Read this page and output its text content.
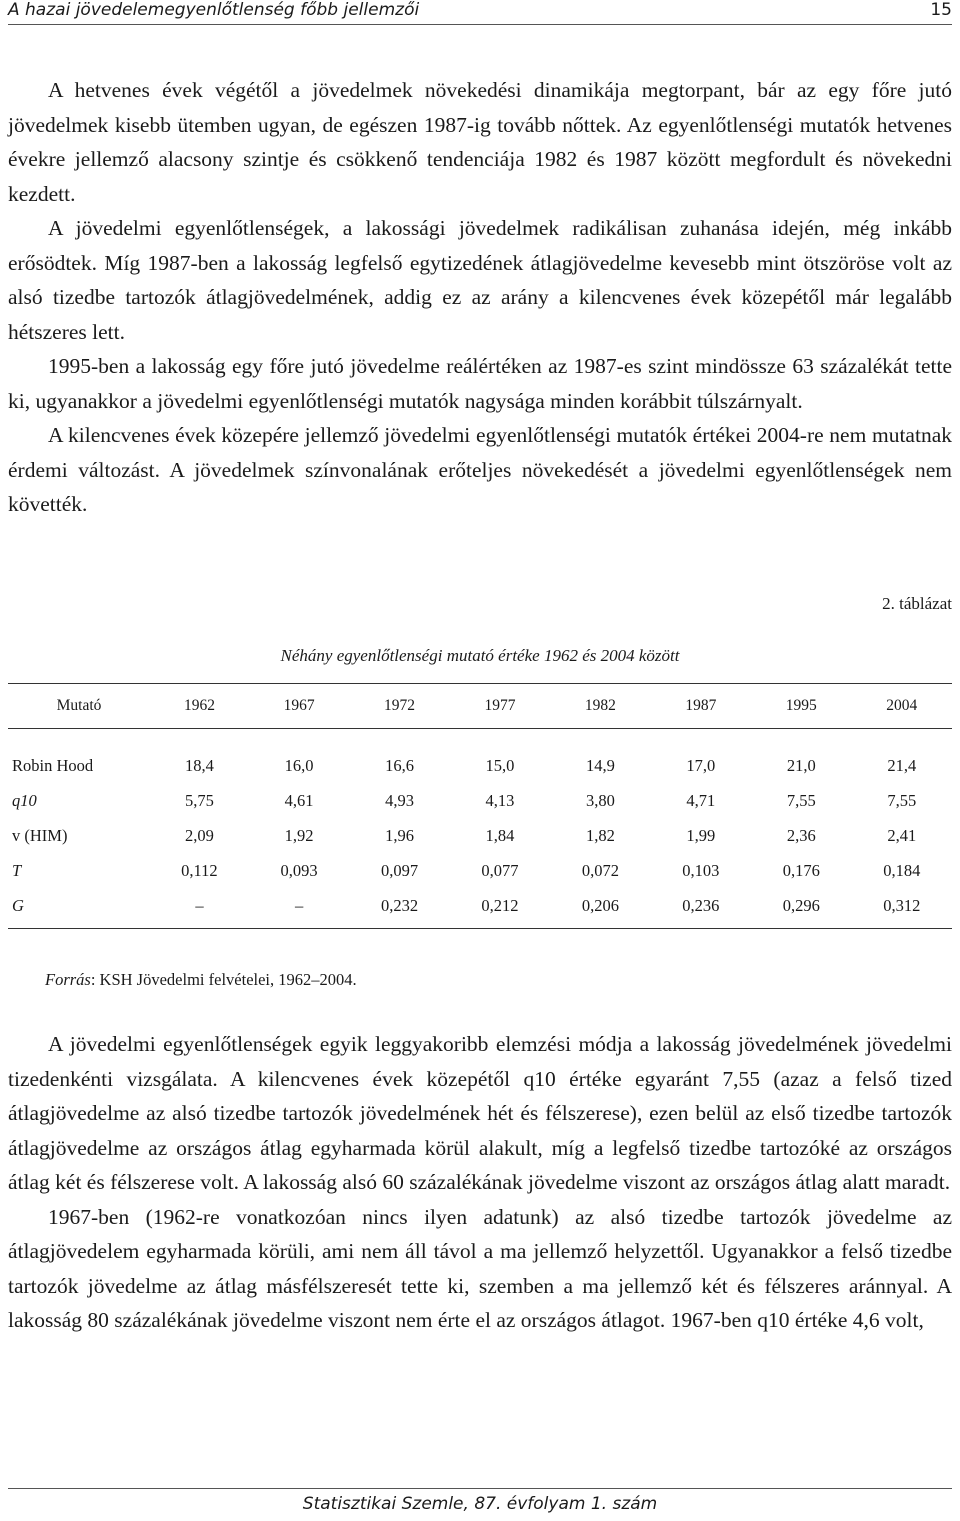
A hazai jövedelemegyenlőtlenség főbb jellemzői	15

A hetvenes évek végétől a jövedelmek növekedési dinamikája megtorpant, bár az egy főre jutó jövedelmek kisebb ütemben ugyan, de egészen 1987-ig tovább nőttek. Az egyenlőtlenségi mutatók hetvenes évekre jellemző alacsony szintje és csökkenő tendenciája 1982 és 1987 között megfordult és növekedni kezdett.

A jövedelmi egyenlőtlenségek, a lakossági jövedelmek radikálisan zuhanása idején, még inkább erősödtek. Míg 1987-ben a lakosság legfelső egytizedének átlagjövedelme kevesebb mint ötszöröse volt az alsó tizedbe tartozók átlagjövedelmének, addig ez az arány a kilencvenes évek közepétől már legalább hétszeres lett.

1995-ben a lakosság egy főre jutó jövedelme reálértéken az 1987-es szint mindössze 63 százalékát tette ki, ugyanakkor a jövedelmi egyenlőtlenségi mutatók nagysága minden korábbit túlszárnyalt.

A kilencvenes évek közepére jellemző jövedelmi egyenlőtlenségi mutatók értékei 2004-re nem mutatnak érdemi változást. A jövedelmek színvonalának erőteljes növekedését a jövedelmi egyenlőtlenségek nem követték.

2. táblázat
Néhány egyenlőtlenségi mutató értéke 1962 és 2004 között
Mutató	1962	1967	1972	1977	1982	1987	1995	2004
Robin Hood	18,4	16,0	16,6	15,0	14,9	17,0	21,0	21,4
q10	5,75	4,61	4,93	4,13	3,80	4,71	7,55	7,55
v (HIM)	2,09	1,92	1,96	1,84	1,82	1,99	2,36	2,41
T	0,112	0,093	0,097	0,077	0,072	0,103	0,176	0,184
G	–	–	0,232	0,212	0,206	0,236	0,296	0,312
Forrás: KSH Jövedelmi felvételei, 1962–2004.

A jövedelmi egyenlőtlenségek egyik leggyakoribb elemzési módja a lakosság jövedelmének jövedelmi tizedenkénti vizsgálata. A kilencvenes évek közepétől q10 értéke egyaránt 7,55 (azaz a felső tized átlagjövedelme az alsó tizedbe tartozók jövedelmének hét és félszerese), ezen belül az első tizedbe tartozók átlagjövedelme az országos átlag egyharmada körül alakult, míg a legfelső tizedbe tartozóké az országos átlag két és félszerese volt. A lakosság alsó 60 százalékának jövedelme viszont az országos átlag alatt maradt.

1967-ben (1962-re vonatkozóan nincs ilyen adatunk) az alsó tizedbe tartozók jövedelme az átlagjövedelem egyharmada körüli, ami nem áll távol a ma jellemző helyzettől. Ugyanakkor a felső tizedbe tartozók jövedelme az átlag másfélszeresét tette ki, szemben a ma jellemző két és félszeres aránnyal. A lakosság 80 százalékának jövedelme viszont nem érte el az országos átlagot. 1967-ben q10 értéke 4,6 volt,

Statisztikai Szemle, 87. évfolyam 1. szám
